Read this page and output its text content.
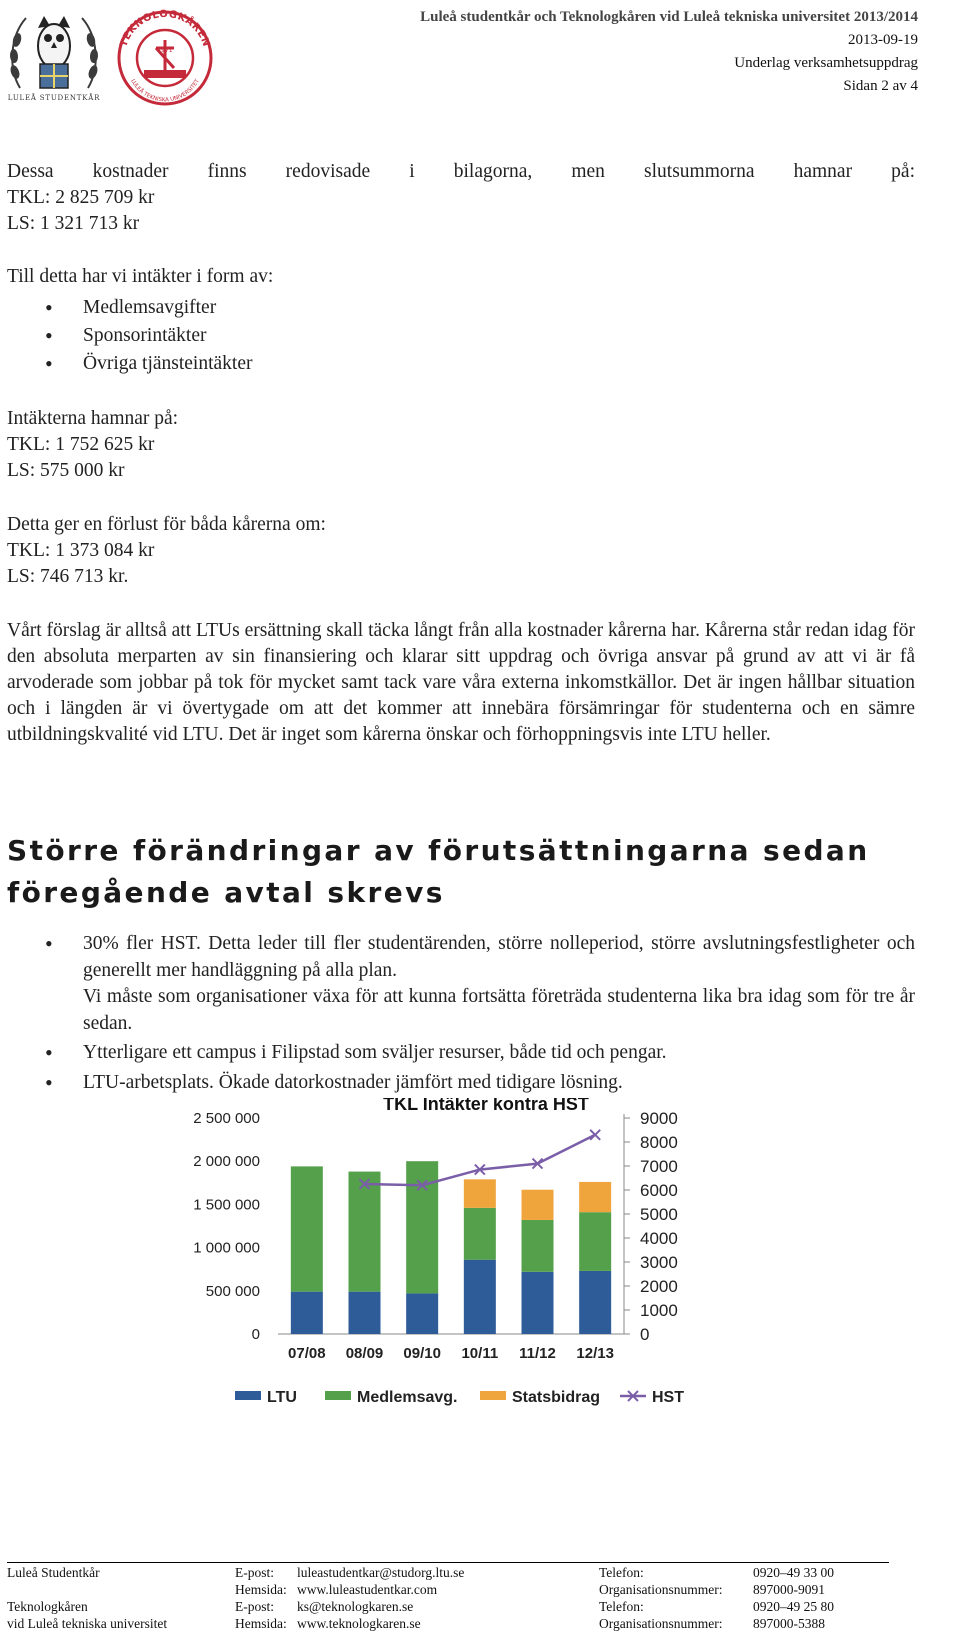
LULEÅ STUDENTKÅR
TEKNOLOGKÅREN
LULEÅ TEKNISKA UNIVERSITET
1971
Luleå studentkår och Teknologkåren vid Luleå tekniska universitet 2013/2014
2013-09-19
Underlag verksamhetsuppdrag
Sidan 2 av 4
Dessa kostnader finns redovisade i bilagorna, men slutsummorna hamnar på:
TKL: 2 825 709 kr
LS: 1 321 713 kr
Till detta har vi intäkter i form av:
• Medlemsavgifter
• Sponsorintäkter
• Övriga tjänsteintäkter
Intäkterna hamnar på:
TKL: 1 752 625 kr
LS: 575 000 kr
Detta ger en förlust för båda kårerna om:
TKL: 1 373 084 kr
LS: 746 713 kr.
Vårt förslag är alltså att LTUs ersättning skall täcka långt från alla kostnader kårerna har. Kårerna står redan idag för den absoluta merparten av sin finansiering och klarar sitt uppdrag och övriga ansvar på grund av att vi är få arvoderade som jobbar på tok för mycket samt tack vare våra externa inkomstkällor. Det är ingen hållbar situation och i längden är vi övertygade om att det kommer att innebära försämringar för studenterna och en sämre utbildningskvalité vid LTU. Det är inget som kårerna önskar och förhoppningsvis inte LTU heller.
Större förändringar av förutsättningarna sedan
föregående avtal skrevs
• 30% fler HST. Detta leder till fler studentärenden, större nolleperiod, större avslutningsfestligheter och generellt mer handläggning på alla plan.
Vi måste som organisationer växa för att kunna fortsätta företräda studenterna lika bra idag som för tre år sedan.
• Ytterligare ett campus i Filipstad som sväljer resurser, både tid och pengar.
• LTU-arbetsplats. Ökade datorkostnader jämfört med tidigare lösning.
TKL Intäkter kontra HST
0
500 000
1 000 000
1 500 000
2 000 000
2 500 000
0
1000
2000
3000
4000
5000
6000
7000
8000
9000
07/08 08/09 09/10 10/11 11/12 12/13
LTU	Medlemsavg.	Statsbidrag	HST
Luleå Studentkår	E-post: luleastudentkar@studorg.ltu.se	Telefon:	0920–49 33 00
Hemsida: www.luleastudentkar.com	Organisationsnummer: 897000-9091
Teknologkåren	E-post: ks@teknologkaren.se	Telefon:	0920–49 25 80
vid Luleå tekniska universitet	Hemsida: www.teknologkaren.se	Organisationsnummer: 897000-5388
